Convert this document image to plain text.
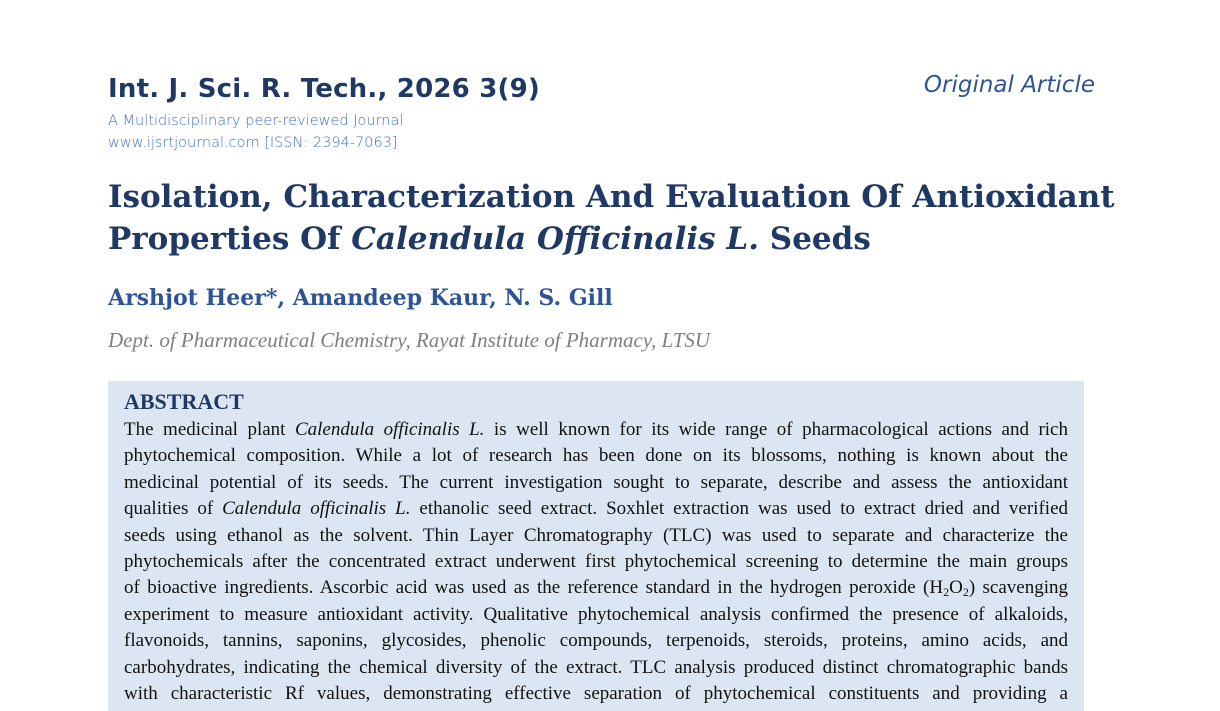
Int. J. Sci. R. Tech., 2026 3(9)
A Multidisciplinary peer-reviewed Journal
www.ijsrtjournal.com [ISSN: 2394-7063]
Original Article
Isolation, Characterization And Evaluation Of Antioxidant
Properties Of Calendula Officinalis L. Seeds
Arshjot Heer*, Amandeep Kaur, N. S. Gill
Dept. of Pharmaceutical Chemistry, Rayat Institute of Pharmacy, LTSU
ABSTRACT
The medicinal plant Calendula officinalis L. is well known for its wide range of pharmacological actions and rich
phytochemical composition. While a lot of research has been done on its blossoms, nothing is known about the
medicinal potential of its seeds. The current investigation sought to separate, describe and assess the antioxidant
qualities of Calendula officinalis L. ethanolic seed extract. Soxhlet extraction was used to extract dried and verified
seeds using ethanol as the solvent. Thin Layer Chromatography (TLC) was used to separate and characterize the
phytochemicals after the concentrated extract underwent first phytochemical screening to determine the main groups
of bioactive ingredients. Ascorbic acid was used as the reference standard in the hydrogen peroxide $(H_2O_2)$ scavenging
experiment to measure antioxidant activity. Qualitative phytochemical analysis confirmed the presence of alkaloids,
flavonoids, tannins, saponins, glycosides, phenolic compounds, terpenoids, steroids, proteins, amino acids, and
carbohydrates, indicating the chemical diversity of the extract. TLC analysis produced distinct chromatographic bands
with characteristic Rf values, demonstrating effective separation of phytochemical constituents and providing a
